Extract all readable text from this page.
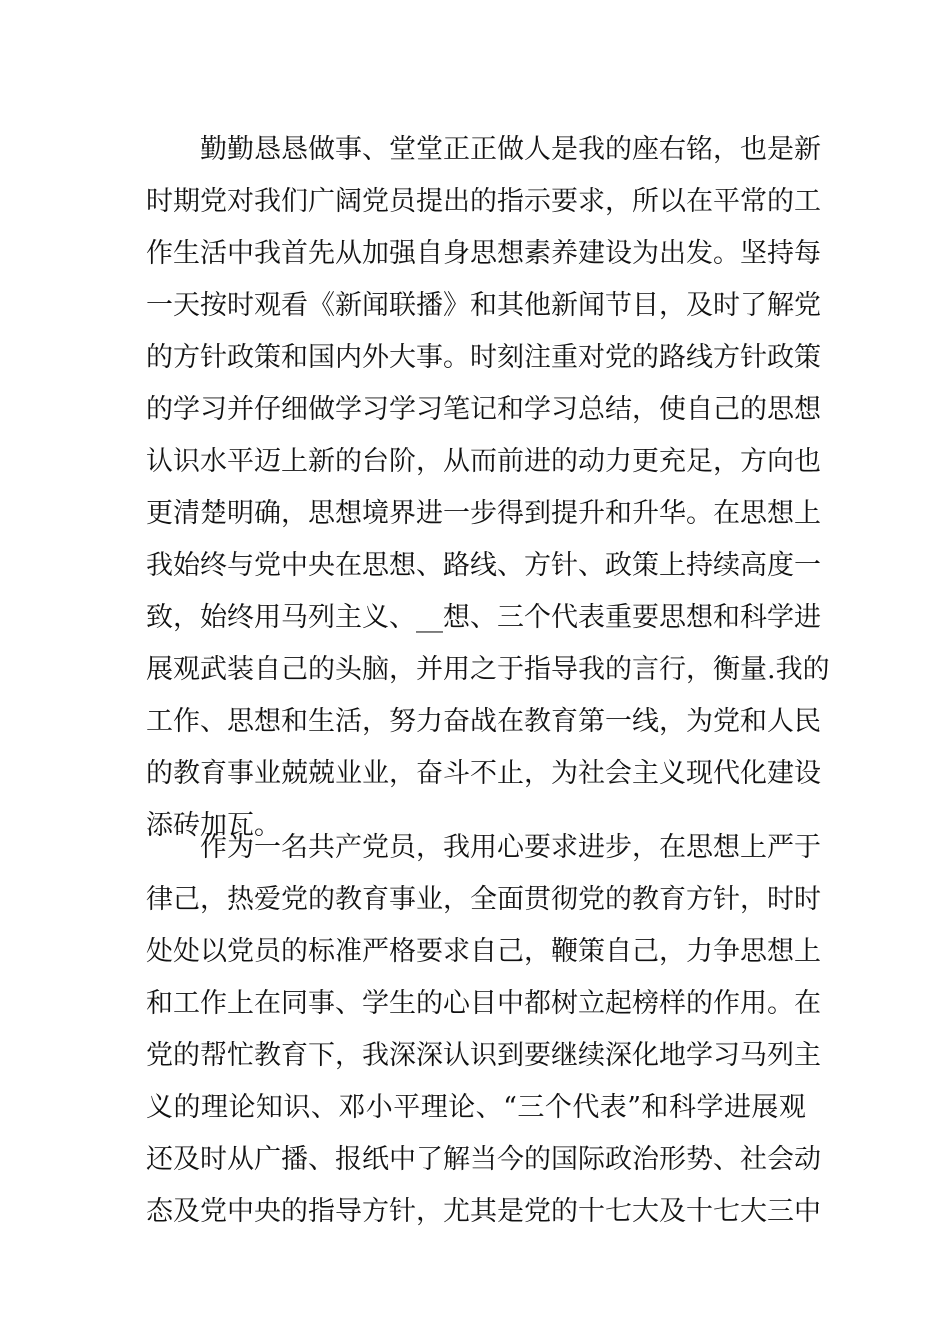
勤 勤 恳 恳 做 事 、 堂 堂 正 正 做 人 是 我 的 座 右 铭 ， 也 是 新
时 期 党 对 我 们 广 阔 党 员 提 出 的 指 示 要 求 ， 所 以 在 平 常 的 工
作 生 活 中 我 首 先 从 加 强 自 身 思 想 素 养 建 设 为 出 发 。 坚 持 每
一 天 按 时 观 看 《 新 闻 联 播 》 和 其 他 新 闻 节 目 ， 及 时 了 解 党
的 方 针 政 策 和 国 内 外 大 事 。 时 刻 注 重 对 党 的 路 线 方 针 政 策
的 学 习 并 仔 细 做 学 习 学 习 笔 记 和 学 习 总 结 ， 使 自 己 的 思 想
认 识 水 平 迈 上 新 的 台 阶 ， 从 而 前 进 的 动 力 更 充 足 ， 方 向 也
更 清 楚 明 确 ， 思 想 境 界 进 一 步 得 到 提 升 和 升 华 。 在 思 想 上
我 始 终 与 党 中 央 在 思 想 、 路 线 、 方 针 、 政 策 上 持 续 高 度 一
致 ， 始 终 用 马 列 主 义 、 _ _ 想 、 三 个 代 表 重 要 思 想 和 科 学 进
展 观 武 装 自 己 的 头 脑 ， 并 用 之 于 指 导 我 的 言 行 ， 衡 量 . 我 的
工 作 、 思 想 和 生 活 ， 努 力 奋 战 在 教 育 第 一 线 ， 为 党 和 人 民
的 教 育 事 业 兢 兢 业 业 ， 奋 斗 不 止 ， 为 社 会 主 义 现 代 化 建 设
添砖加瓦。
作 为 一 名 共 产 党 员 ， 我 用 心 要 求 进 步 ， 在 思 想 上 严 于
律 己 ， 热 爱 党 的 教 育 事 业 ， 全 面 贯 彻 党 的 教 育 方 针 ， 时 时
处 处 以 党 员 的 标 准 严 格 要 求 自 己 ， 鞭 策 自 己 ， 力 争 思 想 上
和 工 作 上 在 同 事 、 学 生 的 心 目 中 都 树 立 起 榜 样 的 作 用 。 在
党 的 帮 忙 教 育 下 ， 我 深 深 认 识 到 要 继 续 深 化 地 学 习 马 列 主
义 的 理 论 知 识 、 邓 小 平 理 论 、 “ 三 个 代 表 ” 和 科 学 进 展 观
还 及 时 从 广 播 、 报 纸 中 了 解 当 今 的 国 际 政 治 形 势 、 社 会 动
态 及 党 中 央 的 指 导 方 针 ， 尤 其 是 党 的 十 七 大 及 十 七 大 三 中
